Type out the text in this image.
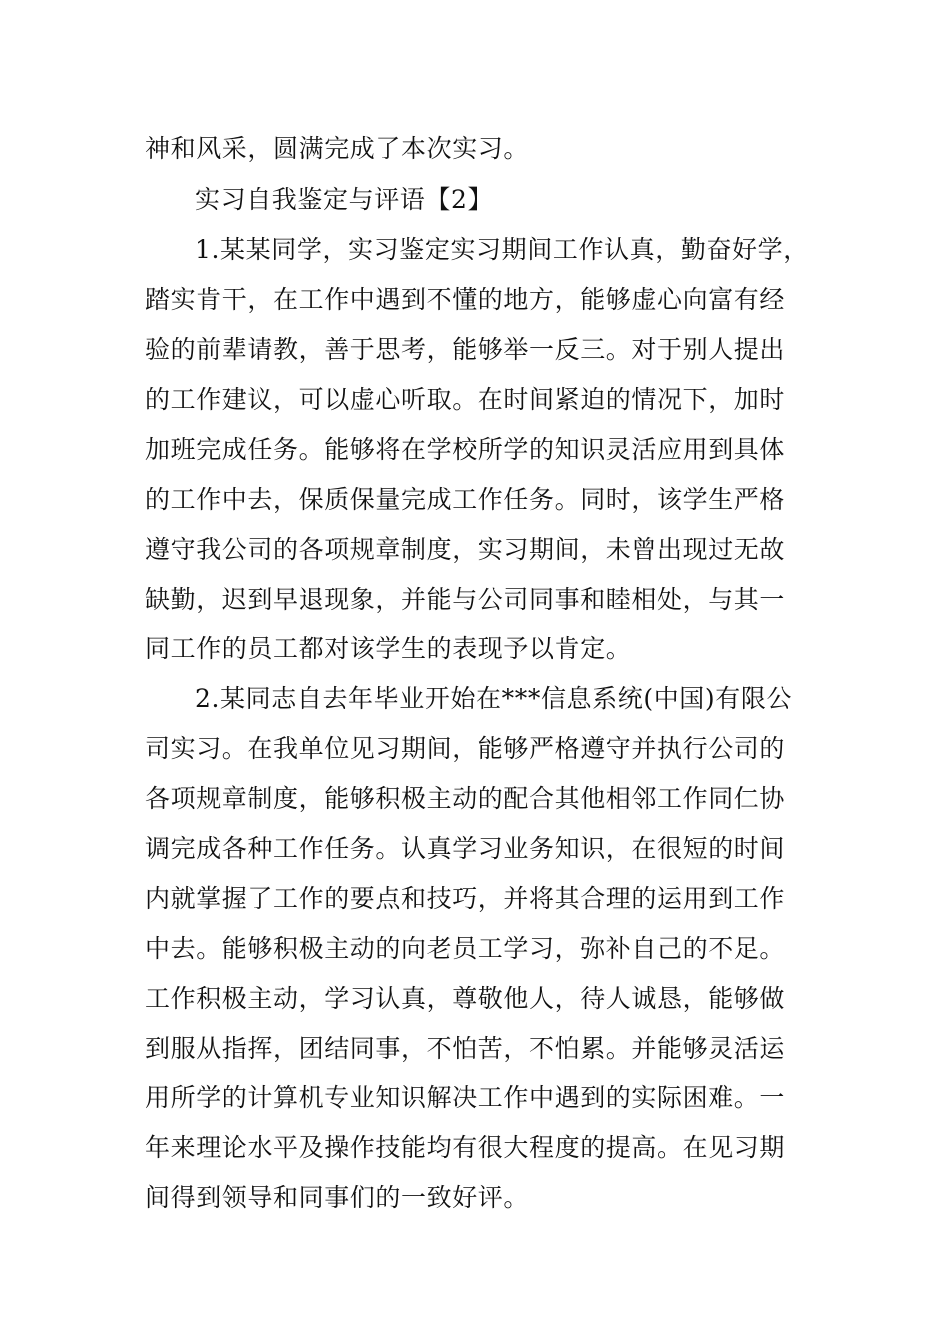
神和风采，圆满完成了本次实习。
实习自我鉴定与评语【2】
1.某某同学，实习鉴定实习期间工作认真，勤奋好学，
踏实肯干，在工作中遇到不懂的地方，能够虚心向富有经
验的前辈请教，善于思考，能够举一反三。对于别人提出
的工作建议，可以虚心听取。在时间紧迫的情况下，加时
加班完成任务。能够将在学校所学的知识灵活应用到具体
的工作中去，保质保量完成工作任务。同时，该学生严格
遵守我公司的各项规章制度，实习期间，未曾出现过无故
缺勤，迟到早退现象，并能与公司同事和睦相处，与其一
同工作的员工都对该学生的表现予以肯定。
2.某同志自去年毕业开始在***信息系统(中国)有限公
司实习。在我单位见习期间，能够严格遵守并执行公司的
各项规章制度，能够积极主动的配合其他相邻工作同仁协
调完成各种工作任务。认真学习业务知识，在很短的时间
内就掌握了工作的要点和技巧，并将其合理的运用到工作
中去。能够积极主动的向老员工学习，弥补自己的不足。
工作积极主动，学习认真，尊敬他人，待人诚恳，能够做
到服从指挥，团结同事，不怕苦，不怕累。并能够灵活运
用所学的计算机专业知识解决工作中遇到的实际困难。一
年来理论水平及操作技能均有很大程度的提高。在见习期
间得到领导和同事们的一致好评。
